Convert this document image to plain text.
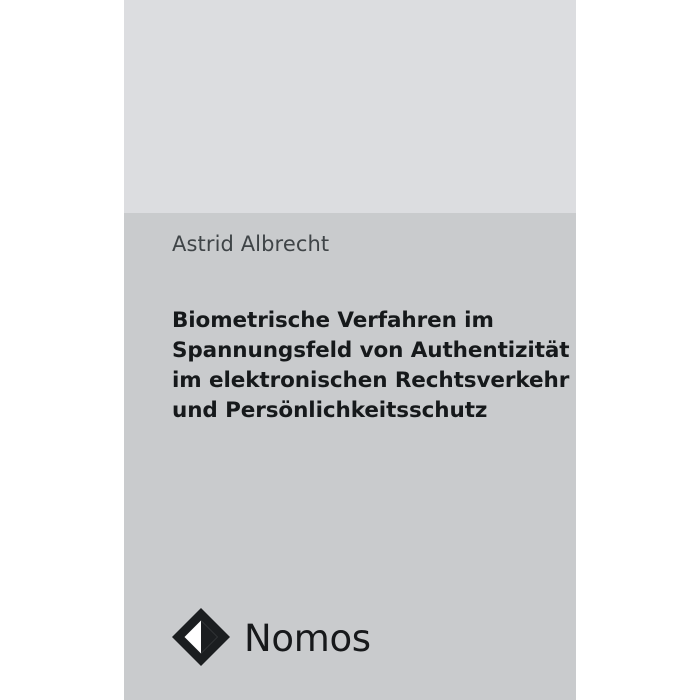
Astrid Albrecht
Biometrische Verfahren im
Spannungsfeld von Authentizität
im elektronischen Rechtsverkehr
und Persönlichkeitsschutz
Nomos
